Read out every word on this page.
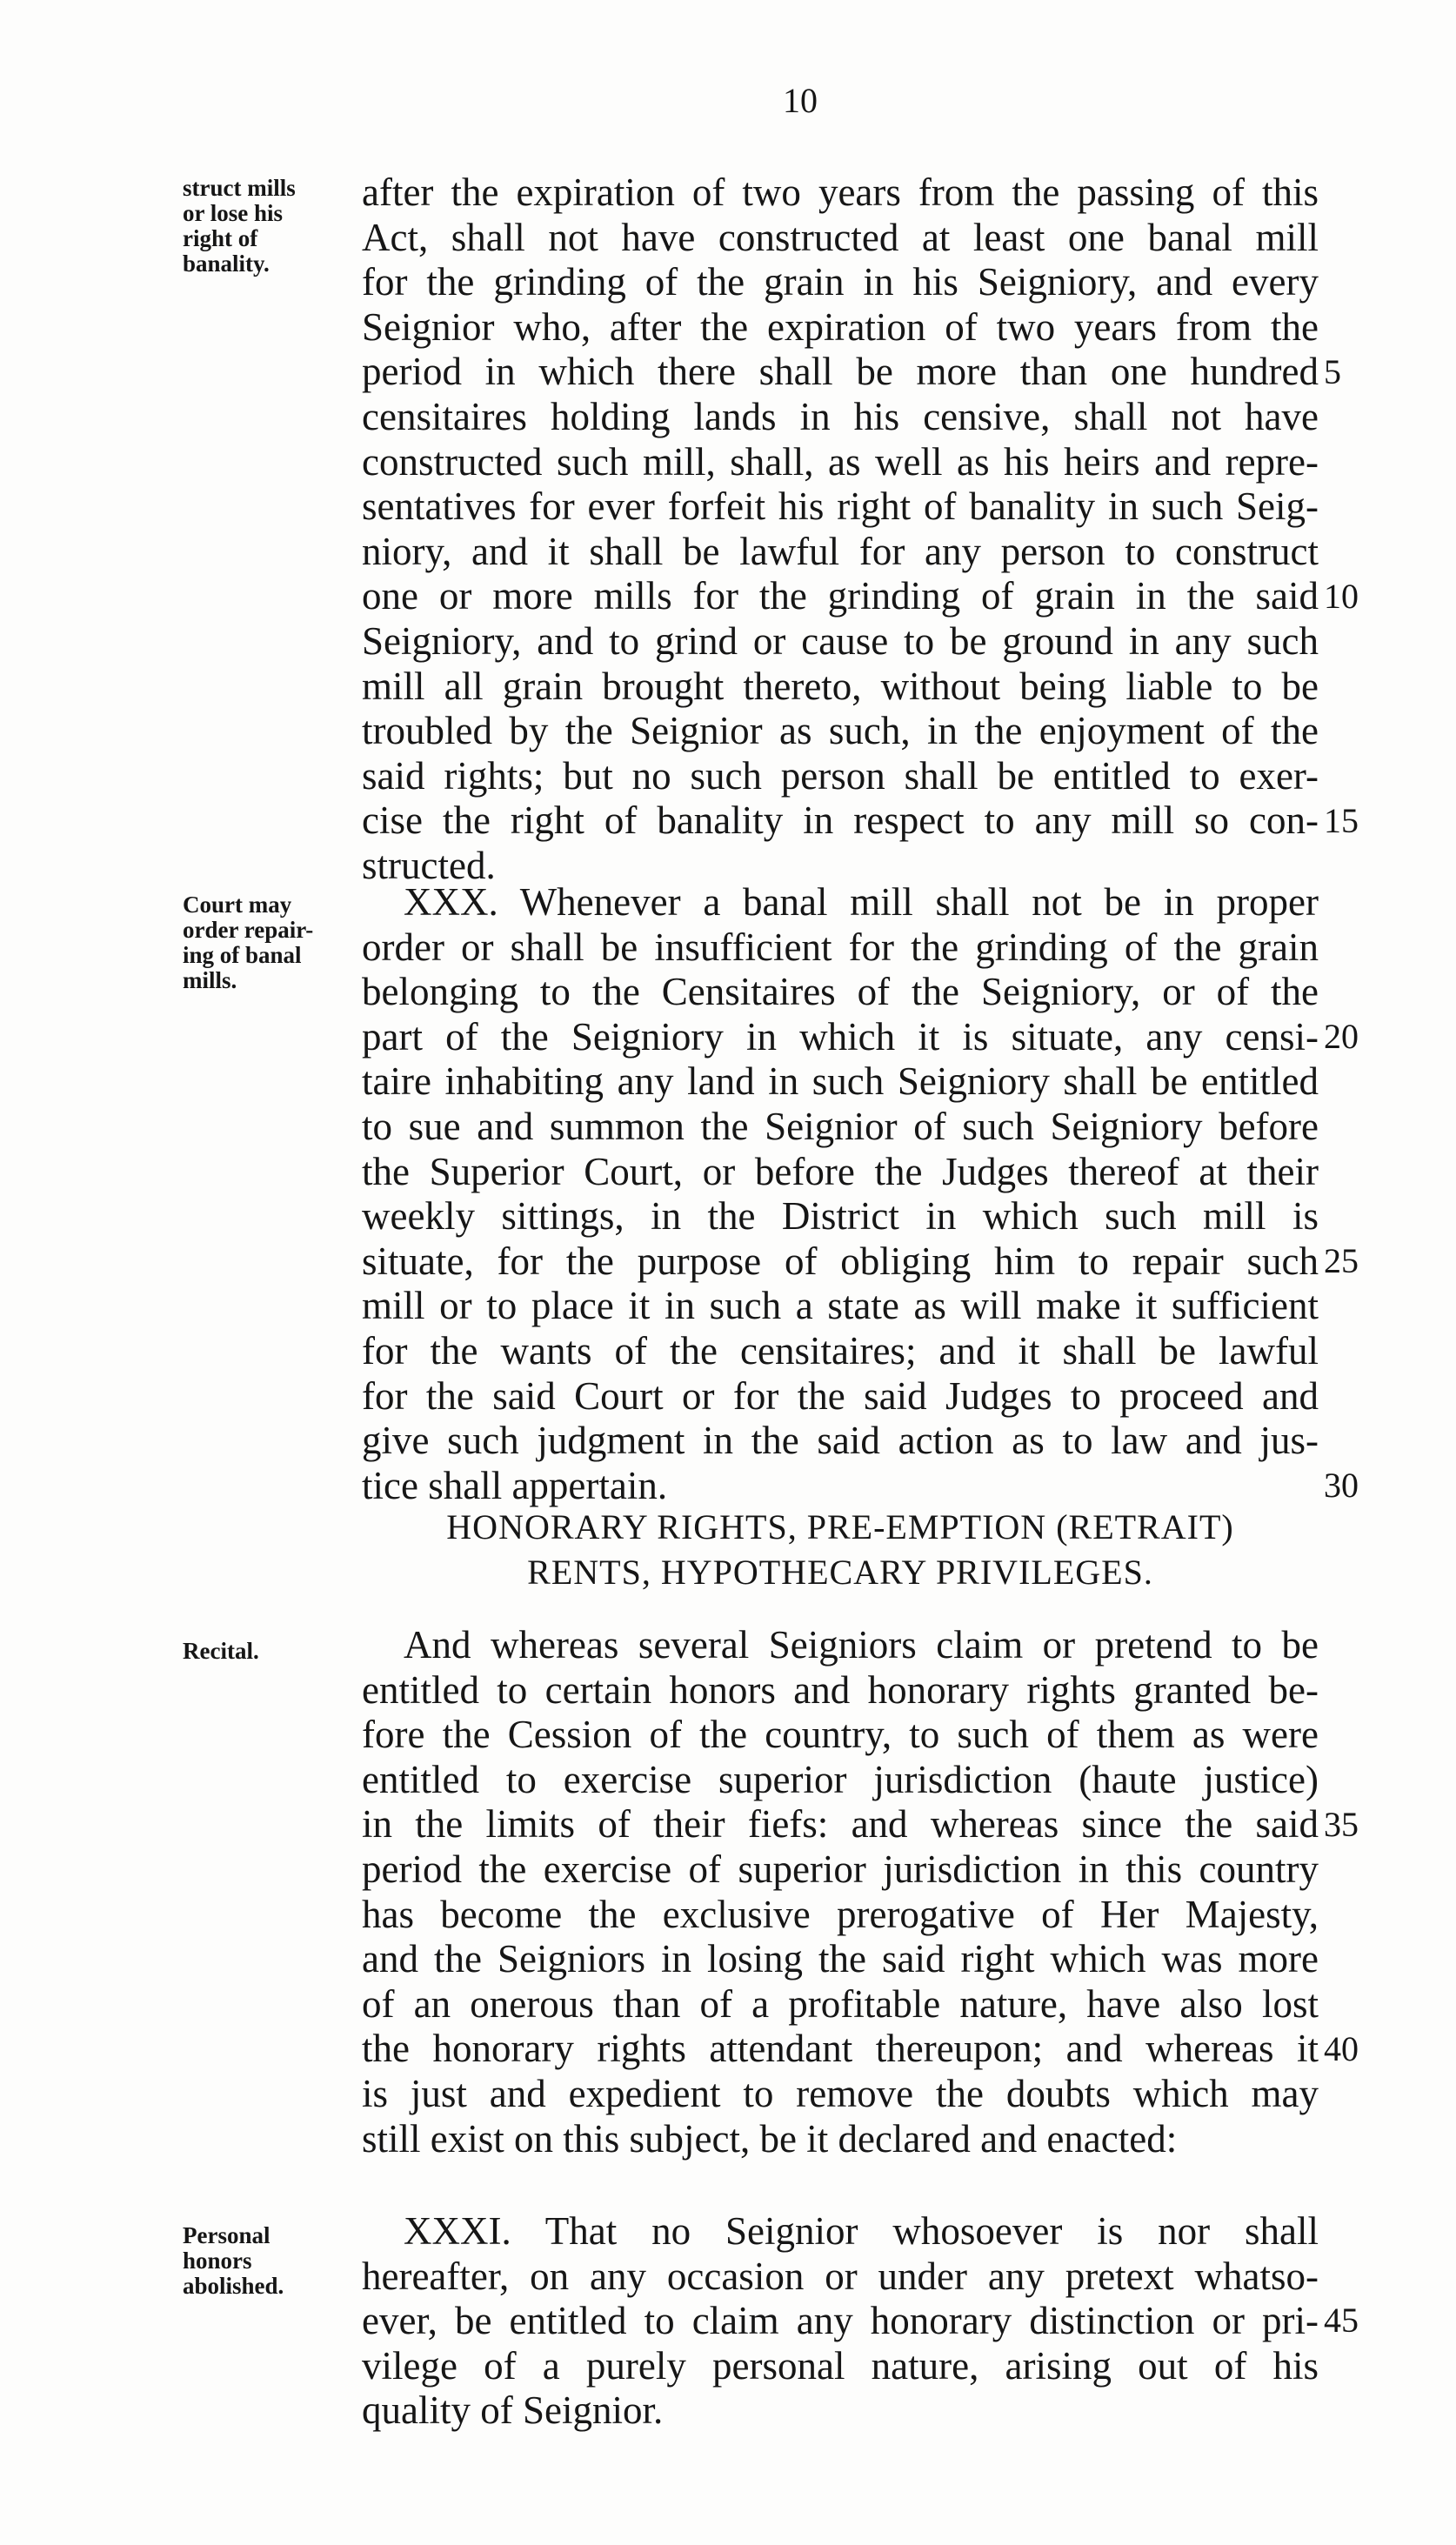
10
struct mills
or lose his
right of
banality.
after the expiration of two years from the passing of this
Act, shall not have constructed at least one banal mill
for the grinding of the grain in his Seigniory, and every
Seignior who, after the expiration of two years from the
period in which there shall be more than one hundred
censitaires holding lands in his censive, shall not have
constructed such mill, shall, as well as his heirs and repre-
sentatives for ever forfeit his right of banality in such Seig-
niory, and it shall be lawful for any person to construct
one or more mills for the grinding of grain in the said
Seigniory, and to grind or cause to be ground in any such
mill all grain brought thereto, without being liable to be
troubled by the Seignior as such, in the enjoyment of the
said rights; but no such person shall be entitled to exer-
cise the right of banality in respect to any mill so con-
structed.
5
10
15
Court may
order repair-
ing of banal
mills.
XXX. Whenever a banal mill shall not be in proper
order or shall be insufficient for the grinding of the grain
belonging to the Censitaires of the Seigniory, or of the
part of the Seigniory in which it is situate, any censi-
taire inhabiting any land in such Seigniory shall be entitled
to sue and summon the Seignior of such Seigniory before
the Superior Court, or before the Judges thereof at their
weekly sittings, in the District in which such mill is
situate, for the purpose of obliging him to repair such
mill or to place it in such a state as will make it sufficient
for the wants of the censitaires; and it shall be lawful
for the said Court or for the said Judges to proceed and
give such judgment in the said action as to law and jus-
tice shall appertain.
20
25
30
HONORARY RIGHTS, PRE-EMPTION (RETRAIT)
RENTS, HYPOTHECARY PRIVILEGES.
Recital.	And whereas several Seigniors claim or pretend to be
entitled to certain honors and honorary rights granted be-
fore the Cession of the country, to such of them as were
entitled to exercise superior jurisdiction (haute justice)
in the limits of their fiefs: and whereas since the said
period the exercise of superior jurisdiction in this country
has become the exclusive prerogative of Her Majesty,
and the Seigniors in losing the said right which was more
of an onerous than of a profitable nature, have also lost
the honorary rights attendant thereupon; and whereas it
is just and expedient to remove the doubts which may
still exist on this subject, be it declared and enacted:
35
40
Personal
honors
abolished.
XXXI. That no Seignior whosoever is nor shall
hereafter, on any occasion or under any pretext whatso-
ever, be entitled to claim any honorary distinction or pri-
vilege of a purely personal nature, arising out of his
quality of Seignior.
45
